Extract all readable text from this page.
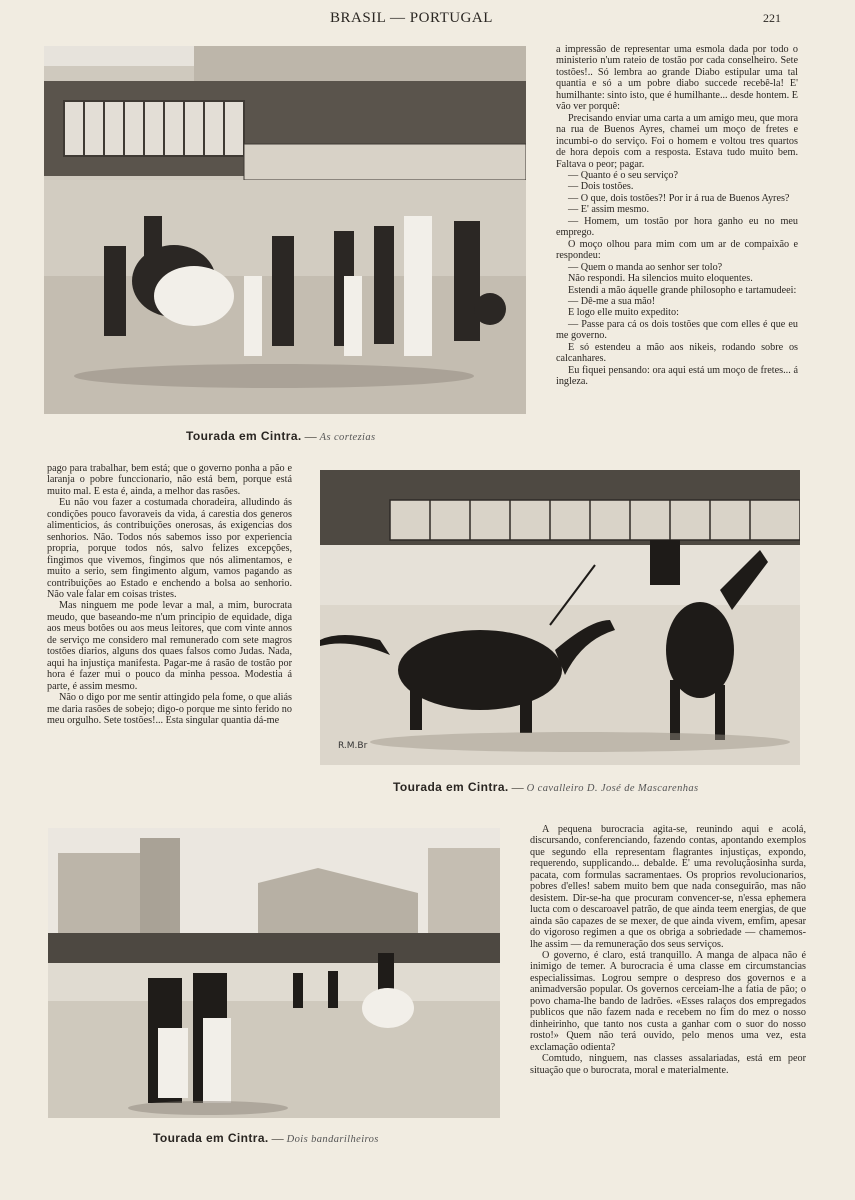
BRASIL — PORTUGAL	221
Tourada em Cintra. — As cortezias

a impressão de representar uma esmola dada por todo o ministerio n'um rateio de tostão por cada conselheiro. Sete tostões!.. Só lembra ao grande Diabo estipular uma tal quantia e só a um pobre diabo succede recebê-la! E' humilhante: sinto isto, que é humilhante... desde hontem. E vão ver porquê:

Precisando enviar uma carta a um amigo meu, que mora na rua de Buenos Ayres, chamei um moço de fretes e incumbi-o do serviço. Foi o homem e voltou tres quartos de hora depois com a resposta. Estava tudo muito bem. Faltava o peor; pagar.

— Quanto é o seu serviço?

— Dois tostões.

— O que, dois tostões?! Por ir á rua de Buenos Ayres?

— E' assim mesmo.

— Homem, um tostão por hora ganho eu no meu emprego.

O moço olhou para mim com um ar de compaixão e respondeu:

— Quem o manda ao senhor ser tolo?

Não respondi. Ha silencios muito eloquentes.

Estendi a mão áquelle grande philosopho e tartamudeei:

— Dê-me a sua mão!

E logo elle muito expedito:

— Passe para cá os dois tostões que com elles é que eu me governo.

E só estendeu a mão aos nikeis, rodando sobre os calcanhares.

Eu fiquei pensando: ora aqui está um moço de fretes... á ingleza.

pago para trabalhar, bem está; que o governo ponha a pão e laranja o pobre funccionario, não está bem, porque está muito mal. E esta é, ainda, a melhor das rasões.

Eu não vou fazer a costumada choradeira, alludindo ás condições pouco favoraveis da vida, á carestia dos generos alimenticios, ás contribuições onerosas, ás exigencias dos senhorios. Não. Todos nós sabemos isso por experiencia propria, porque todos nós, salvo felizes excepções, fingimos que vivemos, fingimos que nós alimentamos, e muito a serio, sem fingimento algum, vamos pagando as contribuições ao Estado e enchendo a bolsa ao senhorio. Não vale falar em coisas tristes.

Mas ninguem me pode levar a mal, a mim, burocrata meudo, que baseando-me n'um principio de equidade, diga aos meus botões ou aos meus leitores, que com vinte annos de serviço me considero mal remunerado com sete magros tostões diarios, alguns dos quaes falsos como Judas. Nada, aqui ha injustiça manifesta. Pagar-me á rasão de tostão por hora é fazer mui o pouco da minha pessoa. Modestia á parte, é assim mesmo.

Não o digo por me sentir attingido pela fome, o que aliás me daria rasões de sobejo; digo-o porque me sinto ferido no meu orgulho. Sete tostões!... Esta singular quantia dá-me

R.M.Br
Tourada em Cintra. — O cavalleiro D. José de Mascarenhas
Tourada em Cintra. — Dois bandarilheiros

A pequena burocracia agita-se, reunindo aqui e acolá, discursando, conferenciando, fazendo contas, apontando exemplos que segundo ella representam flagrantes injustiças, expondo, requerendo, supplicando... debalde. E' uma revoluçãosinha surda, pacata, com formulas sacramentaes. Os proprios revolucionarios, pobres d'elles! sabem muito bem que nada conseguirão, mas não desistem. Dir-se-ha que procuram convencer-se, n'essa ephemera lucta com o descaroavel patrão, de que ainda teem energias, de que ainda são capazes de se mexer, de que ainda vivem, emfim, apesar do vigoroso regimen a que os obriga a sobriedade — chamemos-lhe assim — da remuneração dos seus serviços.

O governo, é claro, está tranquillo. A manga de alpaca não é inimigo de temer. A burocracia é uma classe em circumstancias especialissimas. Logrou sempre o despreso dos governos e a animadversão popular. Os governos cerceiam-lhe a fatia de pão; o povo chama-lhe bando de ladrões. «Esses ralaços dos empregados publicos que não fazem nada e recebem no fim do mez o nosso dinheirinho, que tanto nos custa a ganhar com o suor do nosso rosto!» Quem não terá ouvido, pelo menos uma vez, esta exclamação odienta?

Comtudo, ninguem, nas classes assalariadas, está em peor situação que o burocrata, moral e materialmente.
